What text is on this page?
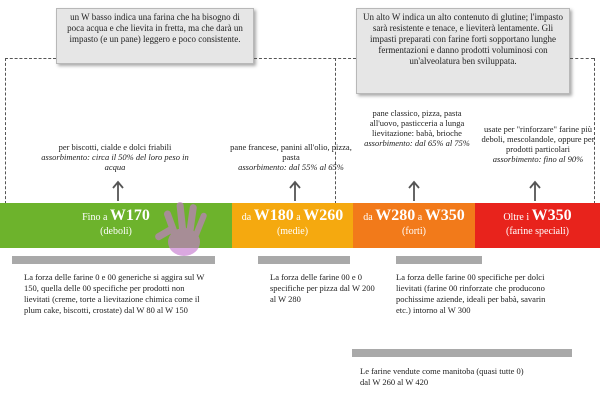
un W basso indica una farina che ha bisogno di poca acqua e che lievita in fretta, ma che darà un impasto (e un pane) leggero e poco consistente.
Un alto W indica un alto contenuto di glutine; l'impasto sarà resistente e tenace, e lieviterà lentamente. Gli impasti preparati con farine forti sopportano lunghe fermentazioni e danno prodotti voluminosi con un'alveolatura ben sviluppata.
per biscotti, cialde e dolci friabili
assorbimento: circa il 50% del loro peso in acqua
pane francese, panini all'olio, pizza, pasta
assorbimento: dal 55% al 65%
pane classico, pizza, pasta all'uovo, pasticceria a lunga lievitazione: babà, brioche
assorbimento: dal 65% al 75%
usate per "rinforzare" farine più deboli, mescolandole, oppure per prodotti particolari
assorbimento: fino al 90%
Fino a W170
(deboli)
da W180 a W260
(medie)
da W280 a W350
(forti)
Oltre i W350
(farine speciali)
La forza delle farine 0 e 00 generiche si aggira sul W 150, quella delle 00 specifiche per prodotti non lievitati (creme, torte a lievitazione chimica come il plum cake, biscotti, crostate) dal W 80 al W 150
La forza delle farine 00 e 0 specifiche per pizza dal W 200 al W 280
La forza delle farine 00 specifiche per dolci lievitati (farine 00 rinforzate che producono pochissime aziende, ideali per babà, savarin etc.) intorno al W 300
Le farine vendute come manitoba (quasi tutte 0) dal W 260 al W 420
